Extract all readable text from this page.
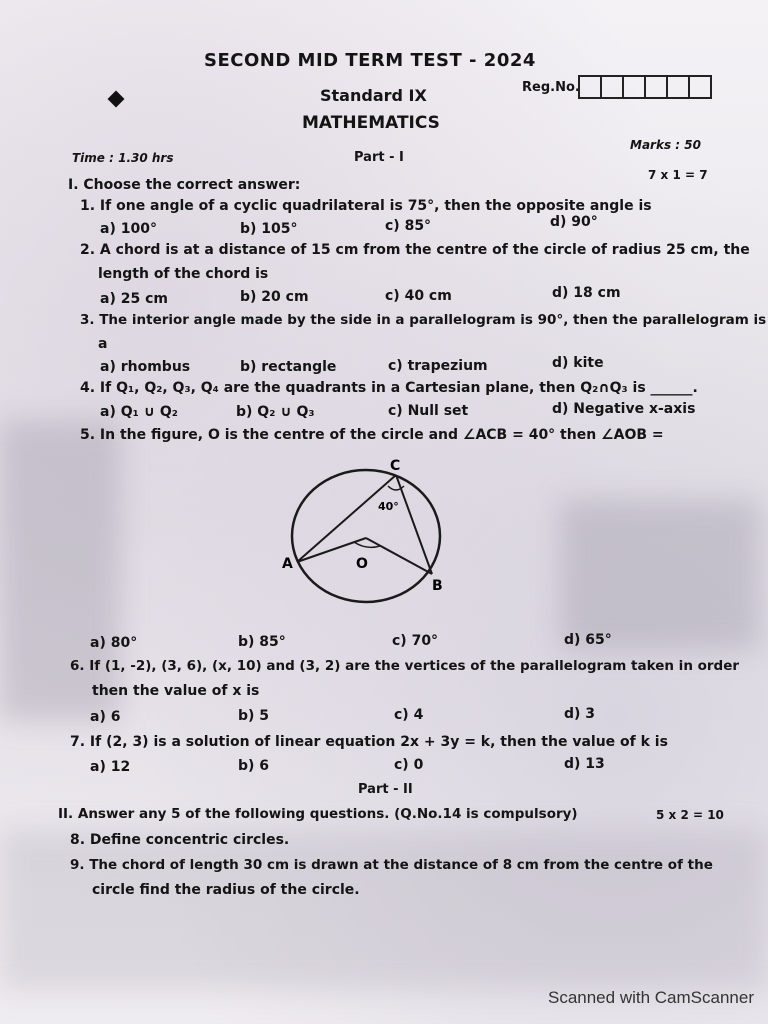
SECOND MID TERM TEST - 2024
Standard IX	Reg.No.
MATHEMATICS
Time : 1.30 hrs
Marks : 50
Part - I
I. Choose the correct answer:
7 x 1 = 7
1. If one angle of a cyclic quadrilateral is 75°, then the opposite angle is
a) 100°	b) 105°	c) 85°	d) 90°
2. A chord is at a distance of 15 cm from the centre of the circle of radius 25 cm, the
length of the chord is
a) 25 cm	b) 20 cm	c) 40 cm	d) 18 cm
3. The interior angle made by the side in a parallelogram is 90°, then the parallelogram is
a
a) rhombus	b) rectangle	c) trapezium	d) kite
4. If Q₁, Q₂, Q₃, Q₄ are the quadrants in a Cartesian plane, then Q₂∩Q₃ is ______.
a) Q₁ ∪ Q₂	b) Q₂ ∪ Q₃	c) Null set	d) Negative x-axis
5. In the figure, O is the centre of the circle and ∠ACB = 40° then ∠AOB =
C
A
B
O
40°
a) 80°	b) 85°	c) 70°	d) 65°
6. If (1, -2), (3, 6), (x, 10) and (3, 2) are the vertices of the parallelogram taken in order
then the value of x is
a) 6	b) 5	c) 4	d) 3
7. If (2, 3) is a solution of linear equation 2x + 3y = k, then the value of k is
a) 12	b) 6	c) 0	d) 13
Part - II
II. Answer any 5 of the following questions. (Q.No.14 is compulsory)	5 x 2 = 10
8. Define concentric circles.
9. The chord of length 30 cm is drawn at the distance of 8 cm from the centre of the
circle find the radius of the circle.
Scanned with CamScanner
